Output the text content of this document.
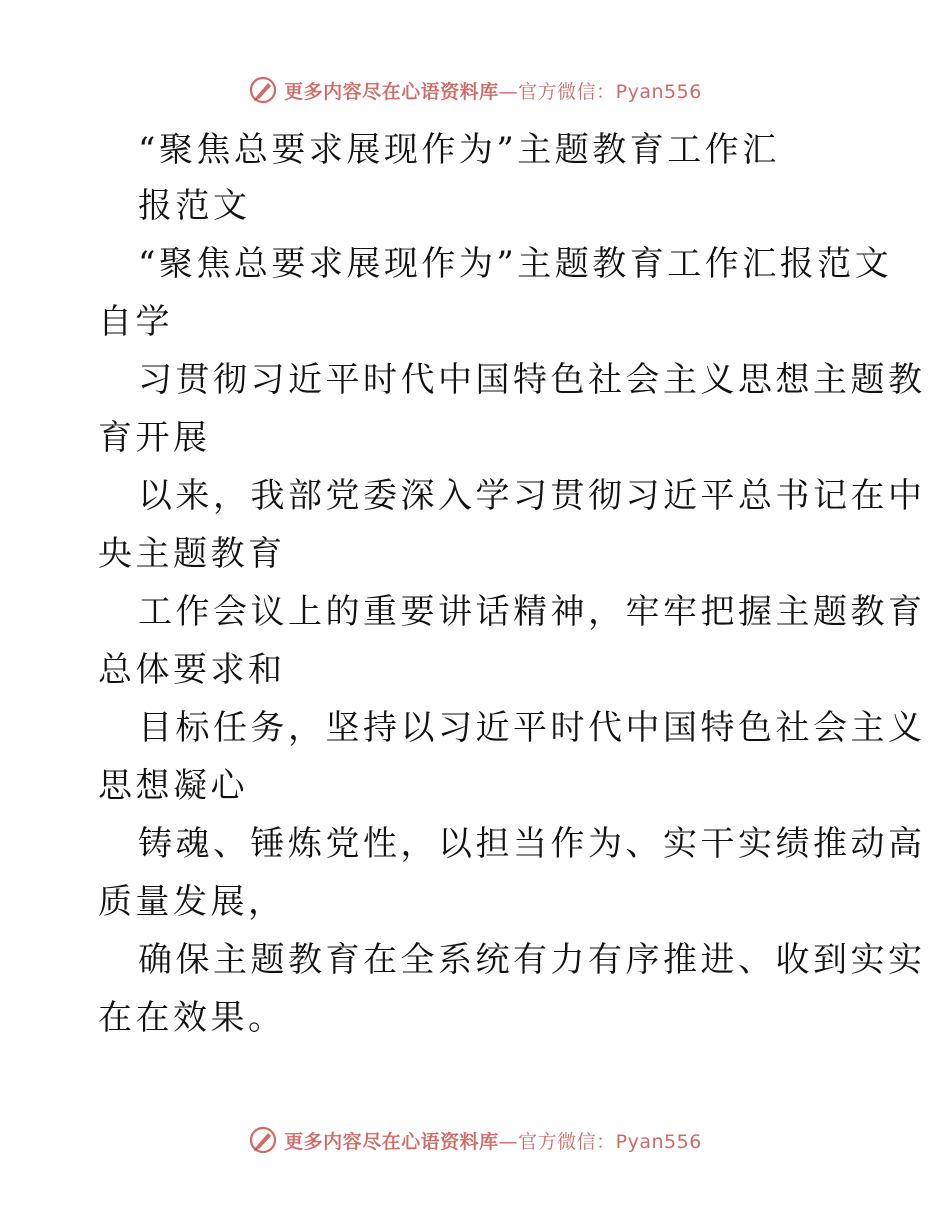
更多内容尽在心语资料库—官方微信：Pyan556
“聚焦总要求展现作为”主题教育工作汇
报范文
“聚焦总要求展现作为”主题教育工作汇报范文
自学
习贯彻习近平时代中国特色社会主义思想主题教
育开展
以来，我部党委深入学习贯彻习近平总书记在中
央主题教育
工作会议上的重要讲话精神，牢牢把握主题教育
总体要求和
目标任务，坚持以习近平时代中国特色社会主义
思想凝心
铸魂、锤炼党性，以担当作为、实干实绩推动高
质量发展，
确保主题教育在全系统有力有序推进、收到实实
在在效果。
更多内容尽在心语资料库—官方微信：Pyan556
